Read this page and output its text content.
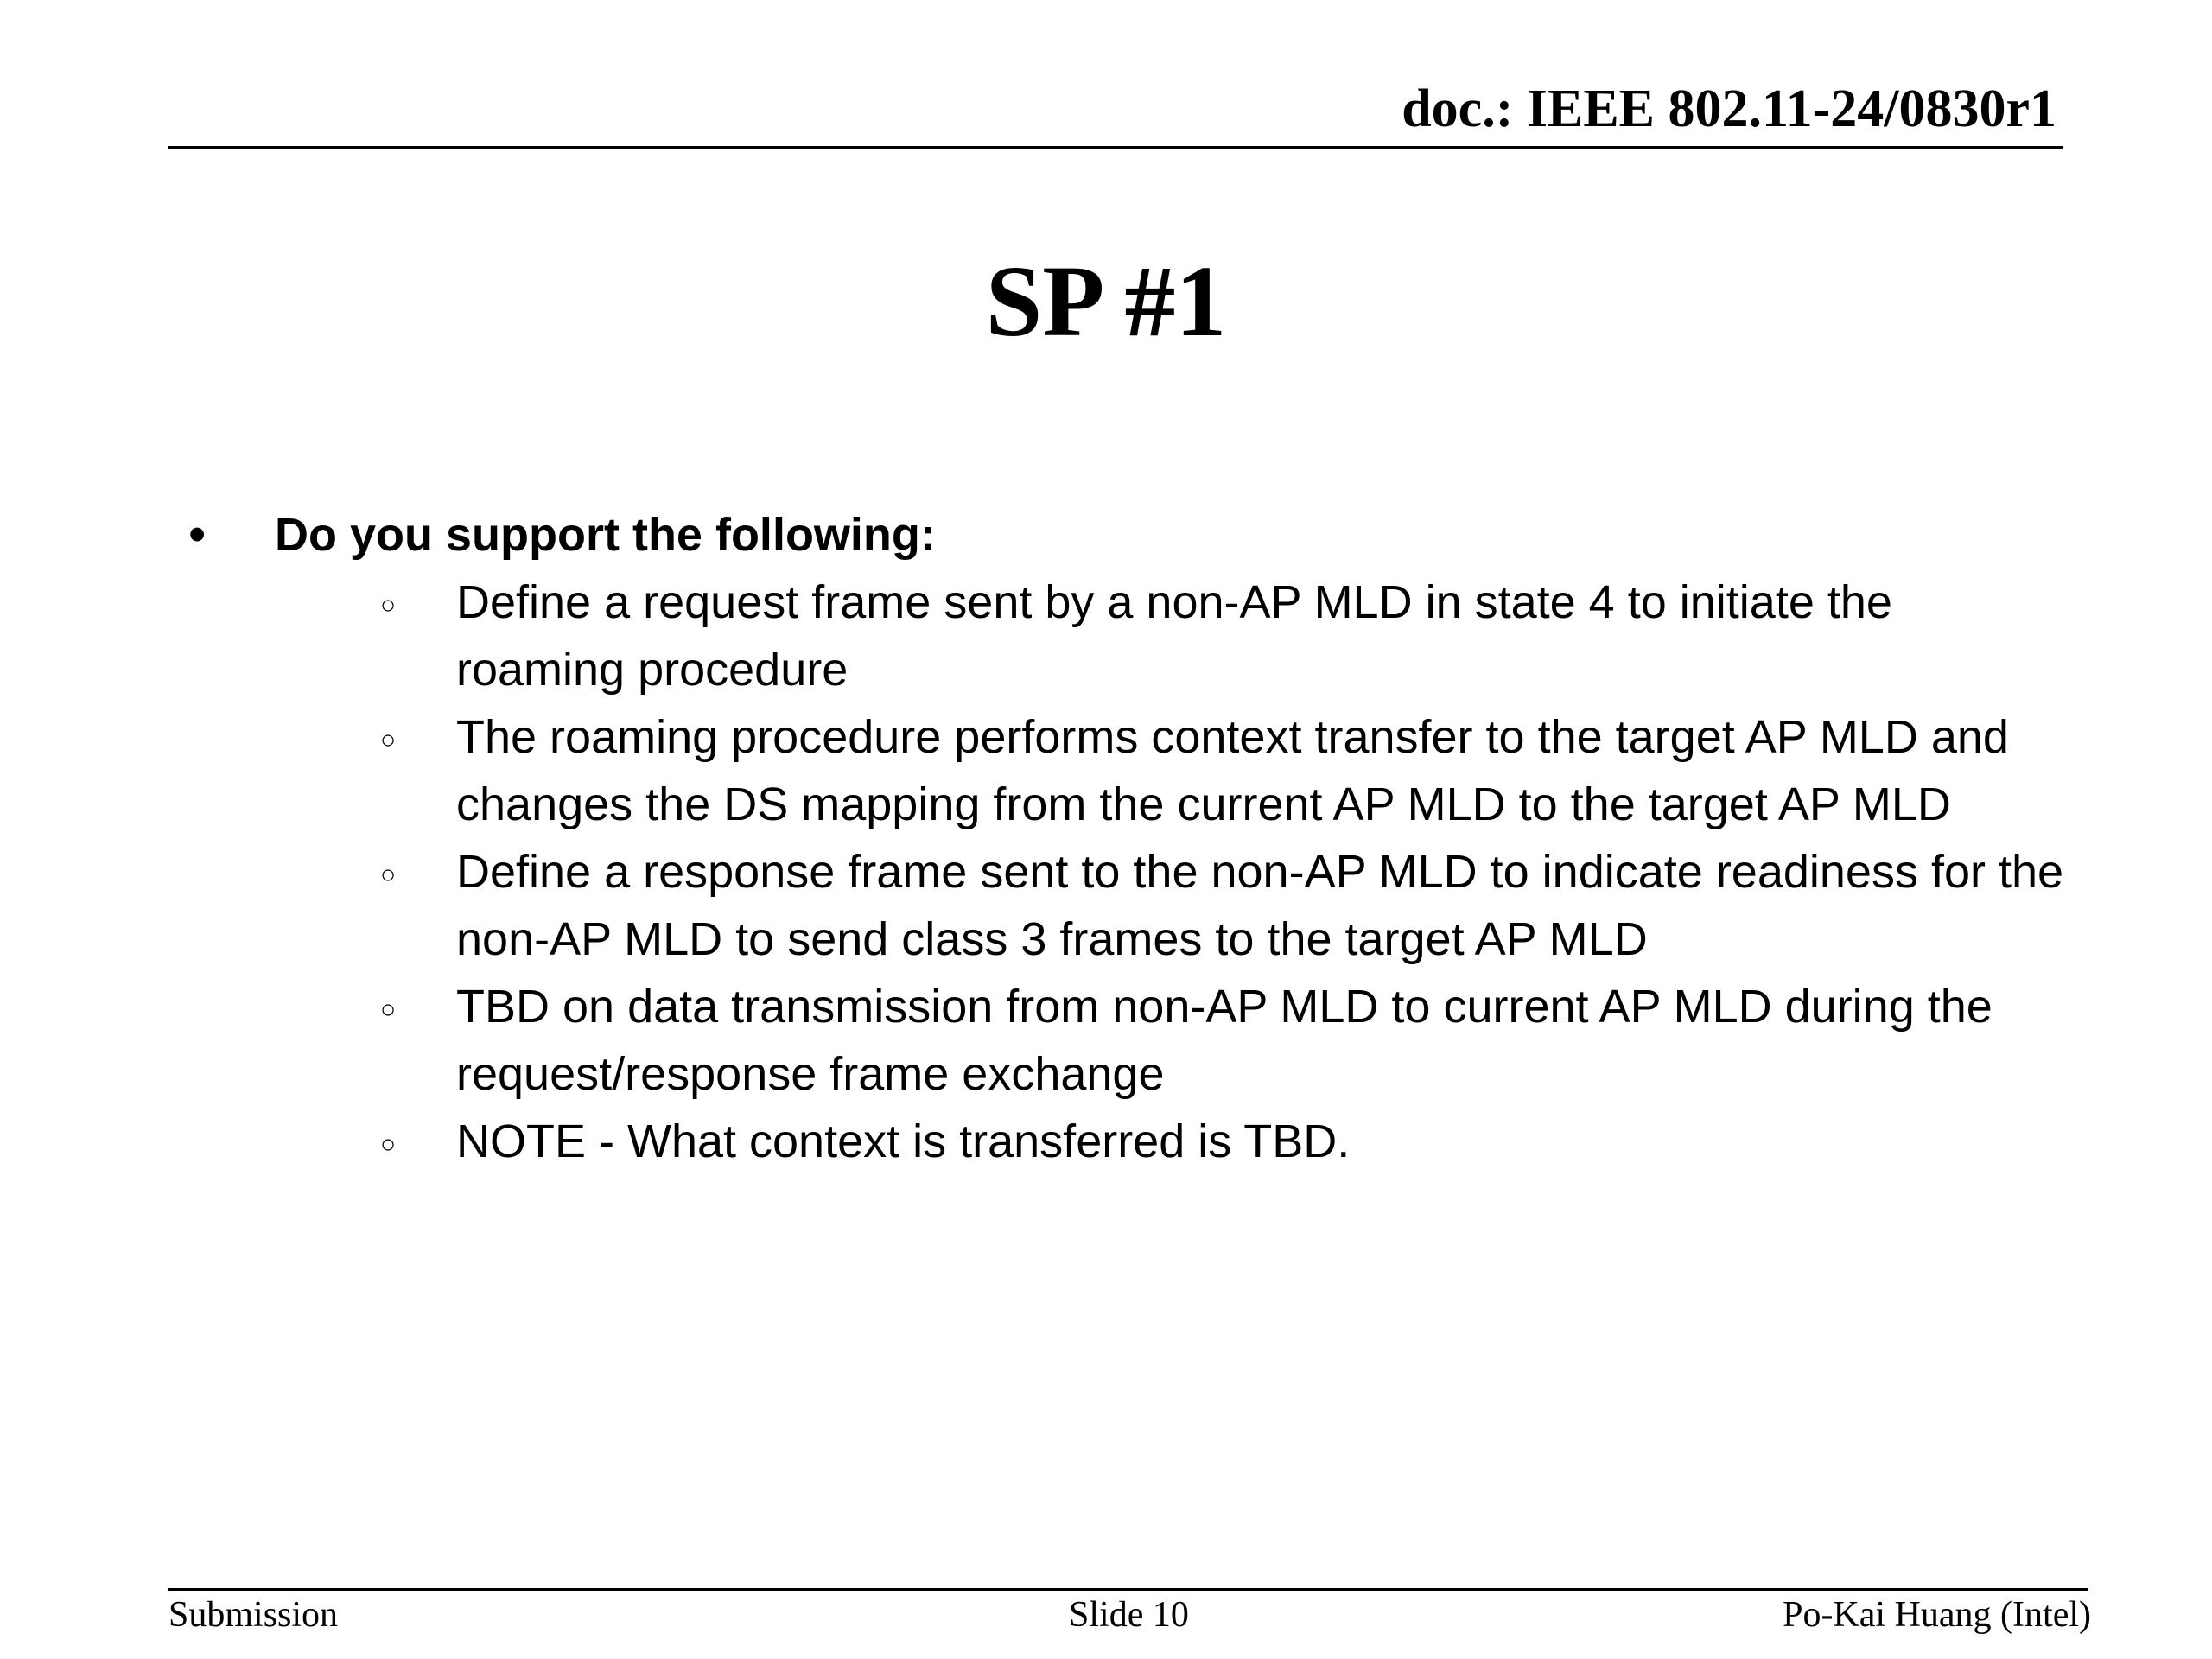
doc.: IEEE 802.11-24/0830r1
SP #1
• Do you support the following:
○ Define a request frame sent by a non-AP MLD in state 4 to initiate the roaming procedure
○ The roaming procedure performs context transfer to the target AP MLD and changes the DS mapping from the current AP MLD to the target AP MLD
○ Define a response frame sent to the non-AP MLD to indicate readiness for the non-AP MLD to send class 3 frames to the target AP MLD
○ TBD on data transmission from non-AP MLD to current AP MLD during the request/response frame exchange
○ NOTE - What context is transferred is TBD.
Submission	Slide 10	Po-Kai Huang (Intel)
